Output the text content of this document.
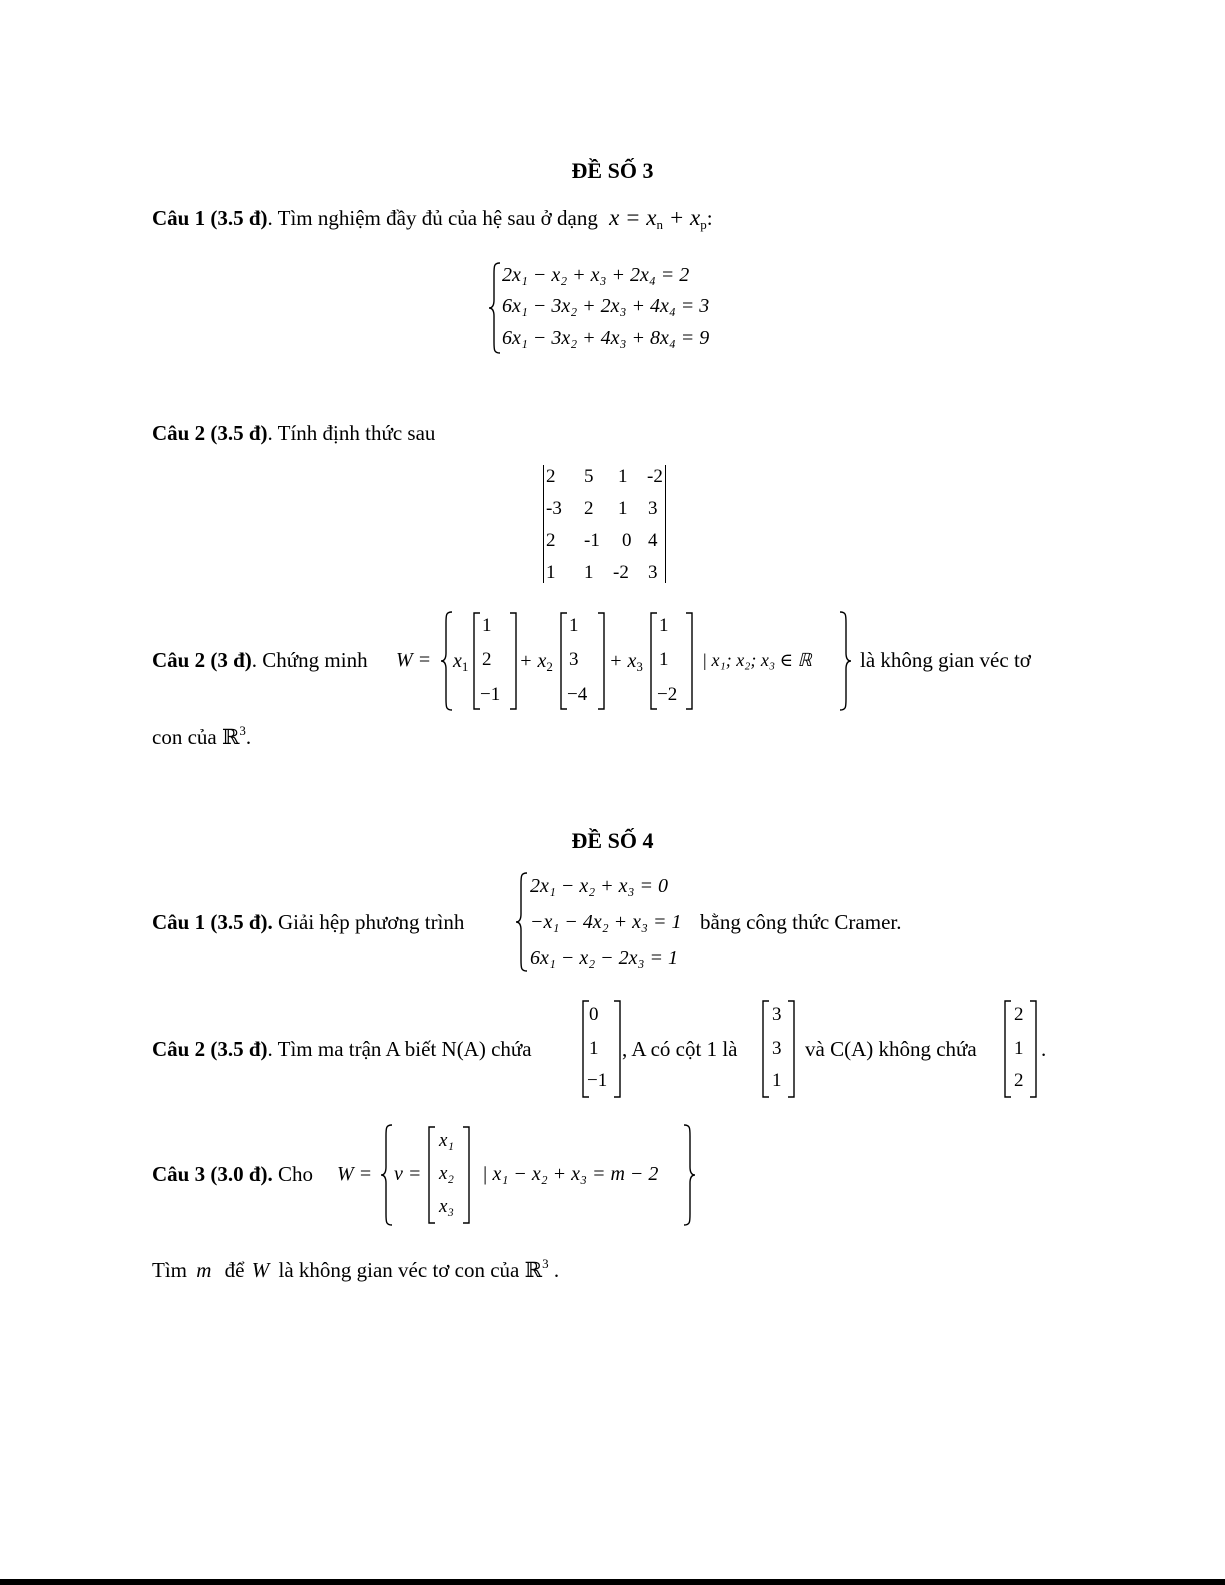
ĐỀ SỐ 3
Câu 1 (3.5 đ). Tìm nghiệm đầy đủ của hệ sau ở dạng $x = x_n + x_p$:
2x₁ − x₂ + x₃ + 2x₄ = 2
6x₁ − 3x₂ + 2x₃ + 4x₄ = 3
6x₁ − 3x₂ + 4x₃ + 8x₄ = 9
Câu 2 (3.5 đ). Tính định thức sau
2 5 1 -2
-3 2 1 3
2 -1 0 4
1 1 -2 3
Câu 2 (3 đ). Chứng minh $W = x_1$
1
2
−1
+ $x_2$
1
3
−4
+ $x_3$
1
1
−2
| x₁; x₂; x₃ ∈ ℝ là không gian véc tơ
con của ℝ$^3$.
ĐỀ SỐ 4
Câu 1 (3.5 đ). Giải hệp phương trình
2x₁ − x₂ + x₃ = 0
−x₁ − 4x₂ + x₃ = 1
6x₁ − x₂ − 2x₃ = 1
bằng công thức Cramer.
Câu 2 (3.5 đ). Tìm ma trận A biết N(A) chứa
0
1
−1
, A có cột 1 là
3
3
1
và C(A) không chứa
2
1
2
.
Câu 3 (3.0 đ). Cho W = v =
x₁
x₂
x₃
| x₁ − x₂ + x₃ = m − 2
Tìm m để W là không gian véc tơ con của ℝ$^3$ .
